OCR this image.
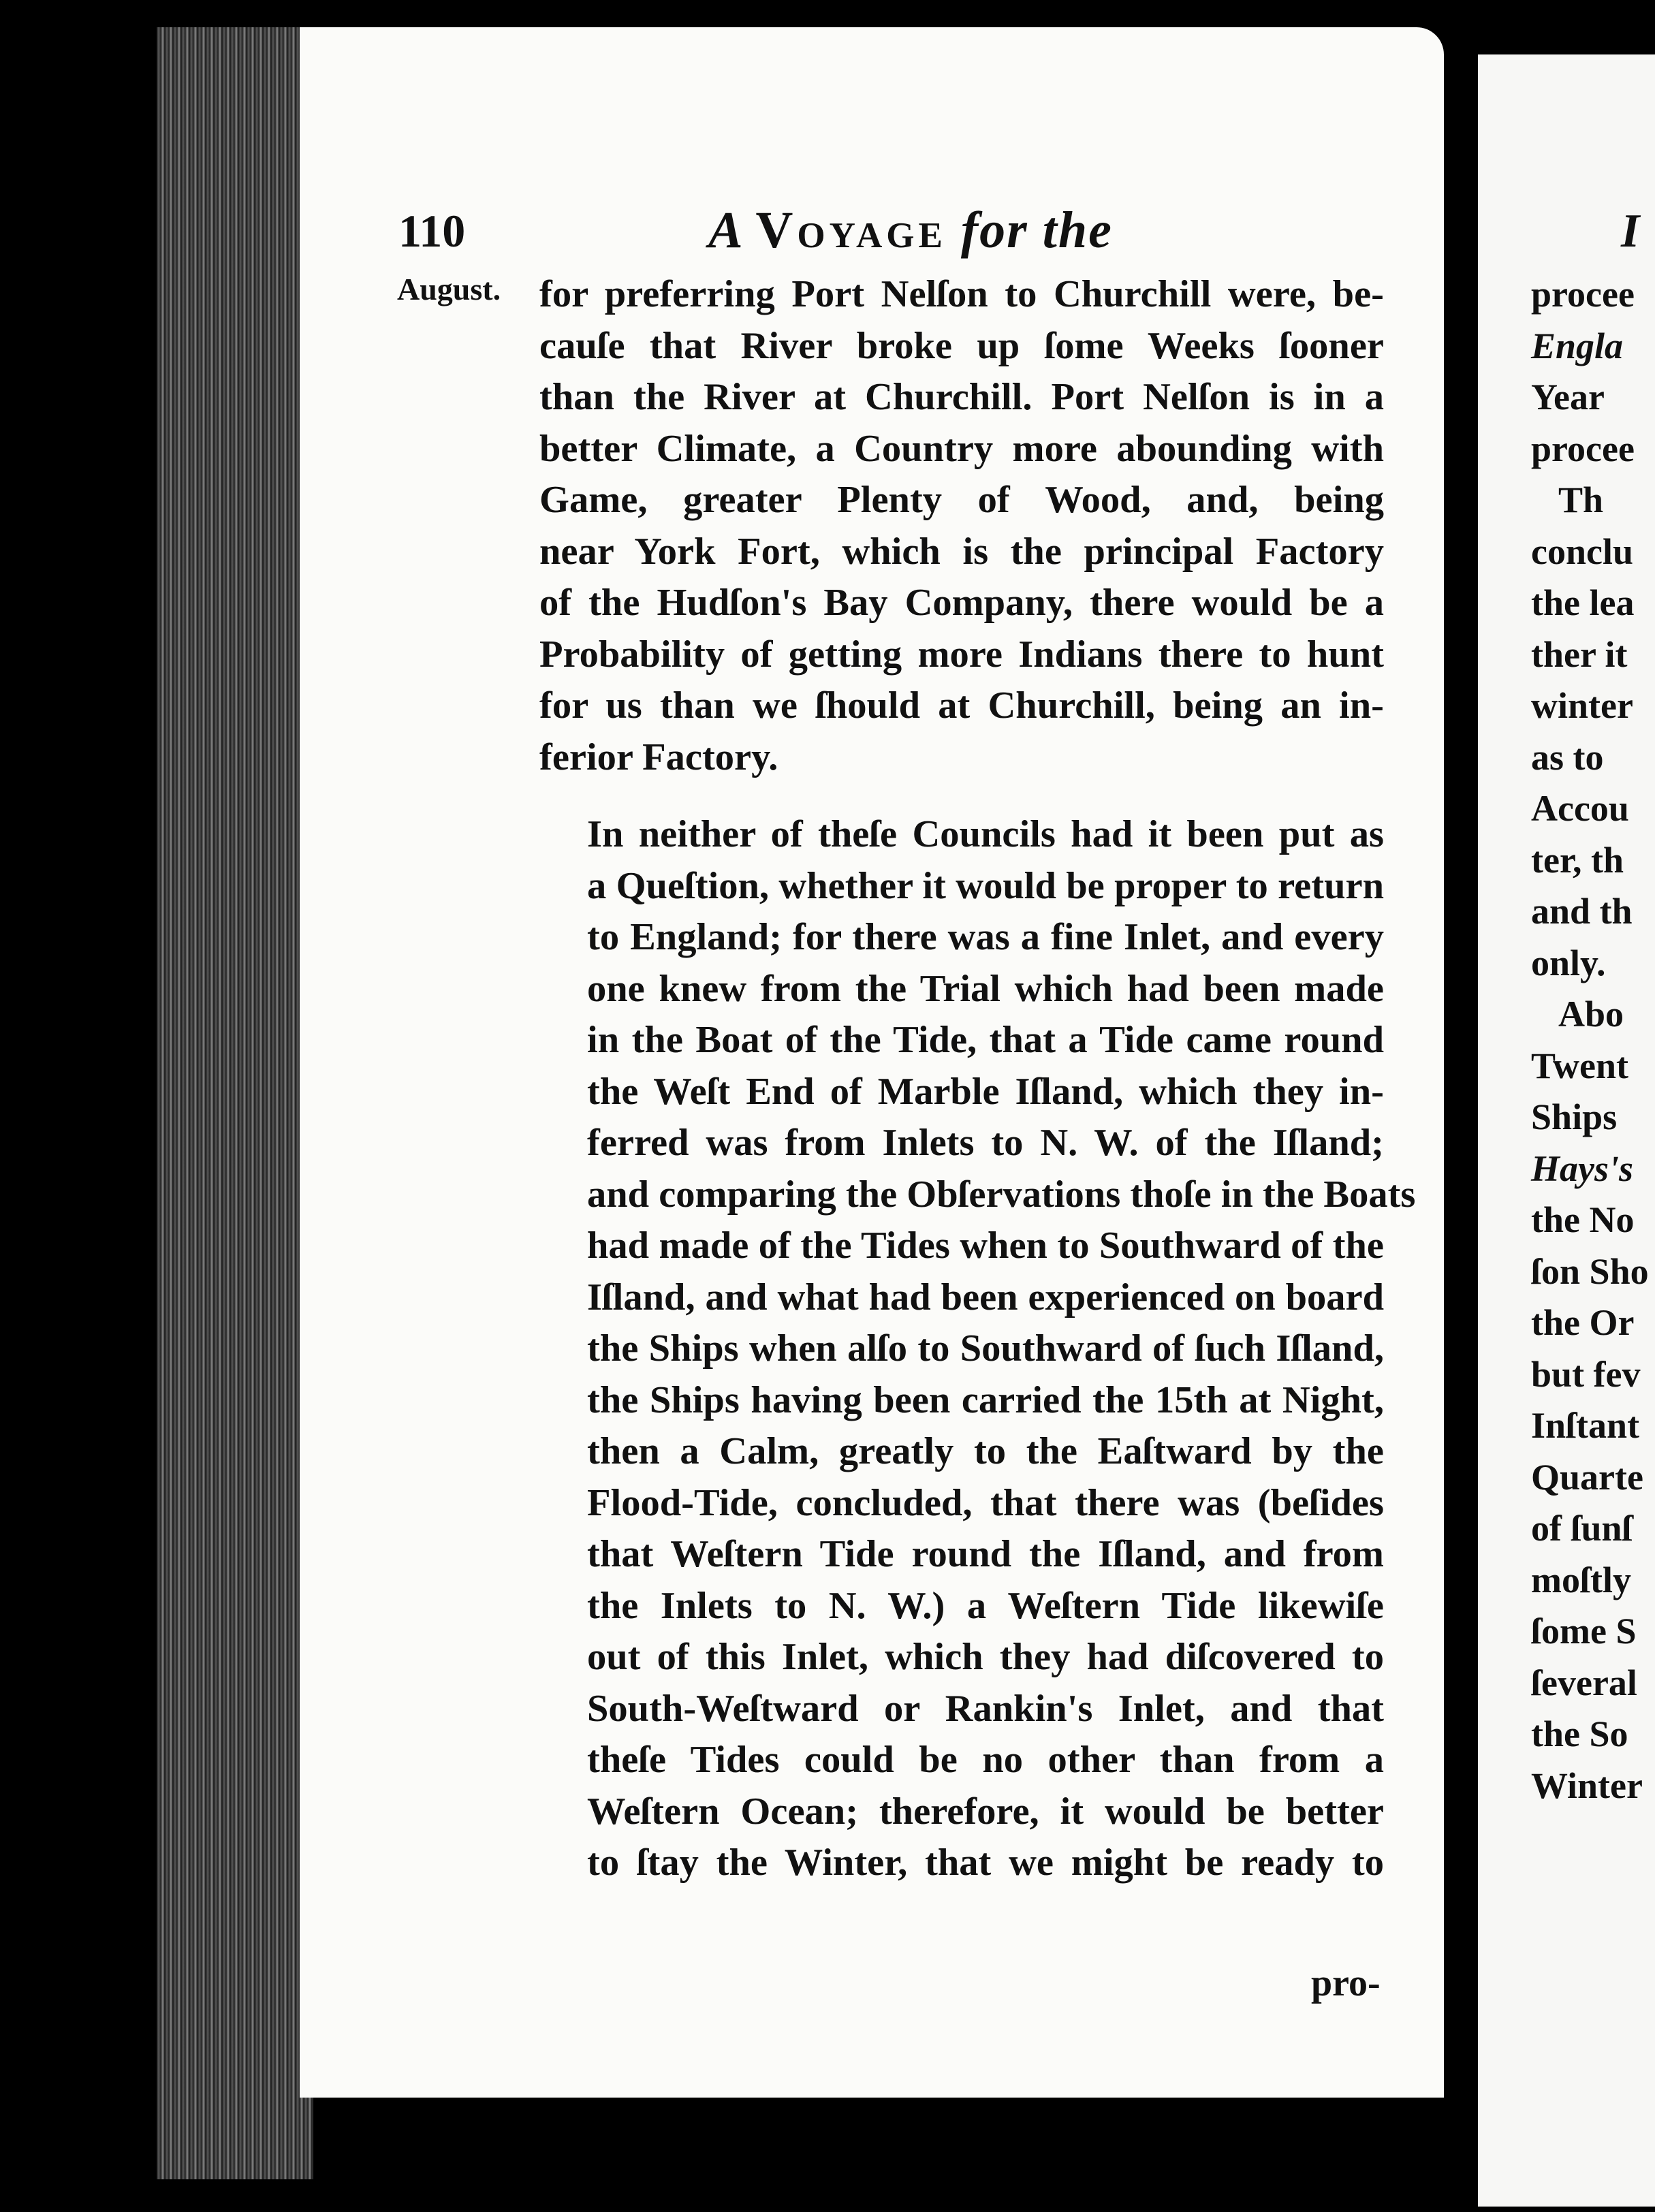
110	A Voyage for the
August. for preferring Port Nelſon to Churchill were, be-
cauſe that River broke up ſome Weeks ſooner
than the River at Churchill. Port Nelſon is in a
better Climate, a Country more abounding with
Game, greater Plenty of Wood, and, being
near York Fort, which is the principal Factory
of the Hudſon's Bay Company, there would be a
Probability of getting more Indians there to hunt
for us than we ſhould at Churchill, being an in-
ferior Factory.

In neither of theſe Councils had it been put as
a Queſtion, whether it would be proper to return
to England; for there was a fine Inlet, and every
one knew from the Trial which had been made
in the Boat of the Tide, that a Tide came round
the Weſt End of Marble Iſland, which they in-
ferred was from Inlets to N. W. of the Iſland;
and comparing the Obſervations thoſe in the Boats
had made of the Tides when to Southward of the
Iſland, and what had been experienced on board
the Ships when alſo to Southward of ſuch Iſland,
the Ships having been carried the 15th at Night,
then a Calm, greatly to the Eaſtward by the
Flood-Tide, concluded, that there was (beſides
that Weſtern Tide round the Iſland, and from
the Inlets to N. W.) a Weſtern Tide likewiſe
out of this Inlet, which they had diſcovered to
South-Weſtward or Rankin's Inlet, and that
theſe Tides could be no other than from a
Weſtern Ocean; therefore, it would be better
to ſtay the Winter, that we might be ready to

pro-
I
procee
Engla
Year
procee
Th
conclu
the lea
ther it
winter
as to
Accou
ter, th
and th
only.
Abo
Twent
Ships
Hays's
the No
ſon Sho
the Or
but fev
Inſtant
Quarte
of ſunſ
moſtly
ſome S
ſeveral
the So
Winter
